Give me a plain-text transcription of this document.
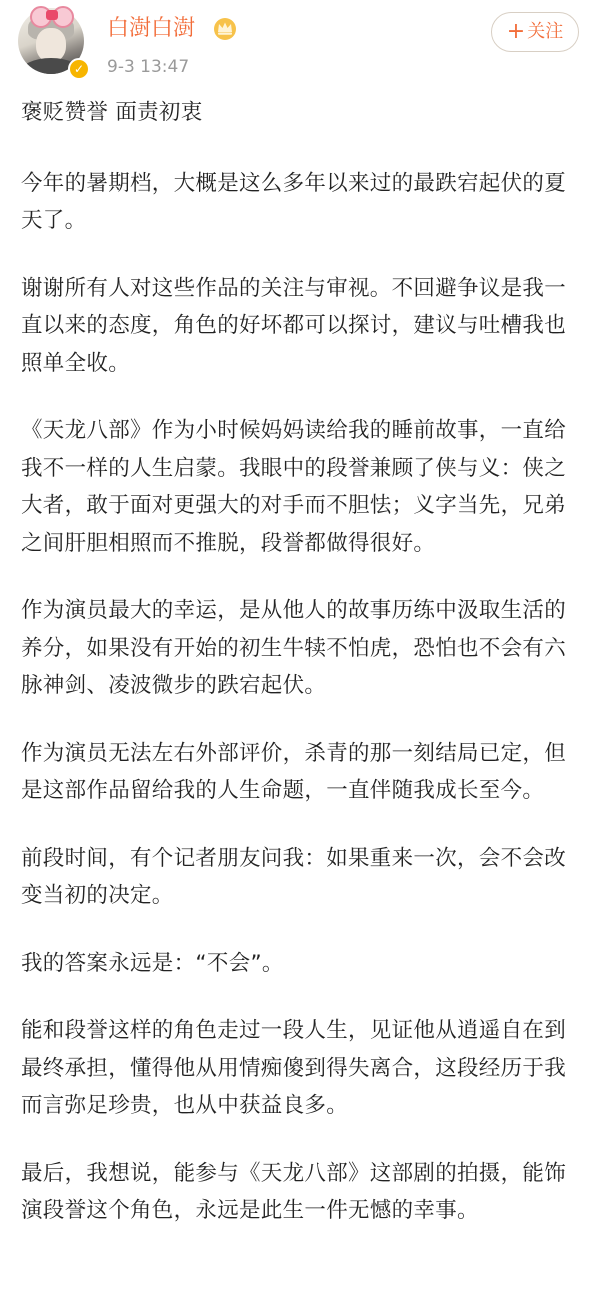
✓
白澍白澍
9-3 13:47
+ 关注

褒贬赞誉 面责初衷

今年的暑期档，大概是这么多年以来过的最跌宕起伏的夏天了。

谢谢所有人对这些作品的关注与审视。不回避争议是我一直以来的态度，角色的好坏都可以探讨，建议与吐槽我也照单全收。

《天龙八部》作为小时候妈妈读给我的睡前故事，一直给我不一样的人生启蒙。我眼中的段誉兼顾了侠与义：侠之大者，敢于面对更强大的对手而不胆怯；义字当先，兄弟之间肝胆相照而不推脱，段誉都做得很好。

作为演员最大的幸运，是从他人的故事历练中汲取生活的养分，如果没有开始的初生牛犊不怕虎，恐怕也不会有六脉神剑、凌波微步的跌宕起伏。

作为演员无法左右外部评价，杀青的那一刻结局已定，但是这部作品留给我的人生命题，一直伴随我成长至今。

前段时间，有个记者朋友问我：如果重来一次，会不会改变当初的决定。

我的答案永远是：“不会”。

能和段誉这样的角色走过一段人生，见证他从逍遥自在到最终承担，懂得他从用情痴傻到得失离合，这段经历于我而言弥足珍贵，也从中获益良多。

最后，我想说，能参与《天龙八部》这部剧的拍摄，能饰演段誉这个角色，永远是此生一件无憾的幸事。
